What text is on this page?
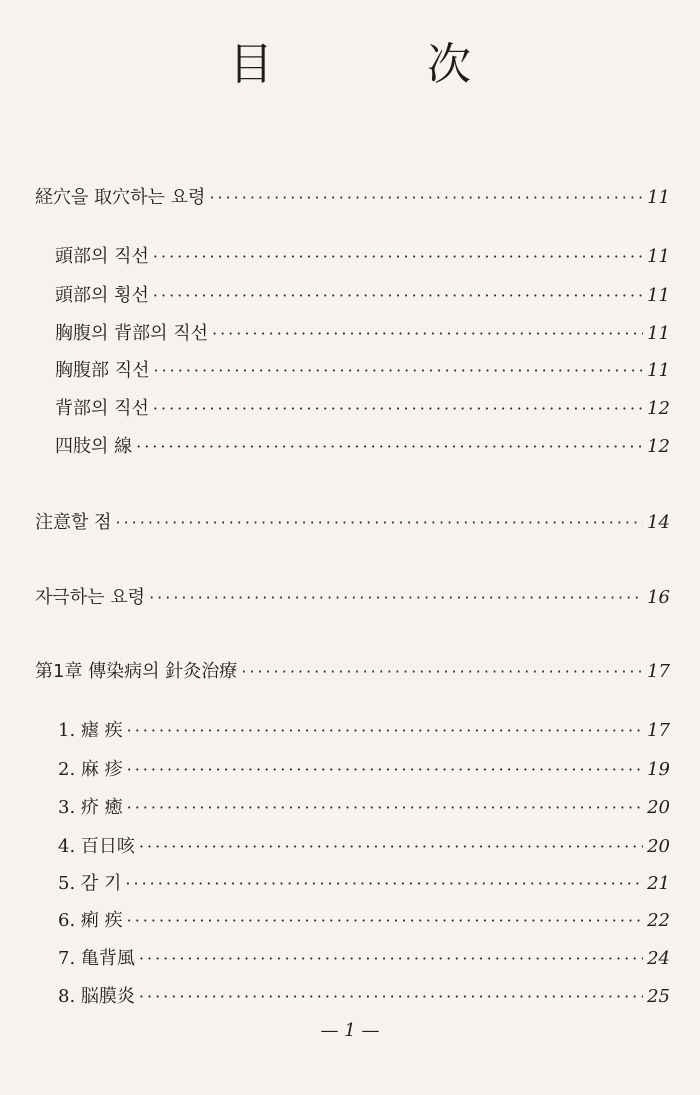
目 次
経穴을 取穴하는 요령 ·····	11
頭部의 직선 ·····	11
頭部의 횡선 ·····	11
胸腹의 背部의 직선 ·····	11
胸腹部 직선 ·····	11
背部의 직선 ·····	12
四肢의 線 ·····	12
注意할 점 ·····	14
자극하는 요령 ·····	16
第1章 傳染病의 針灸治療 ·····	17
1. 瘧 疾 ·····	17
2. 麻 疹 ·····	19
3. 疥 癒 ·····	20
4. 百日咳 ·····	20
5. 감 기 ·····	21
6. 痢 疾 ·····	22
7. 亀背風 ·····	24
8. 脳膜炎 ·····	25
— 1 —
